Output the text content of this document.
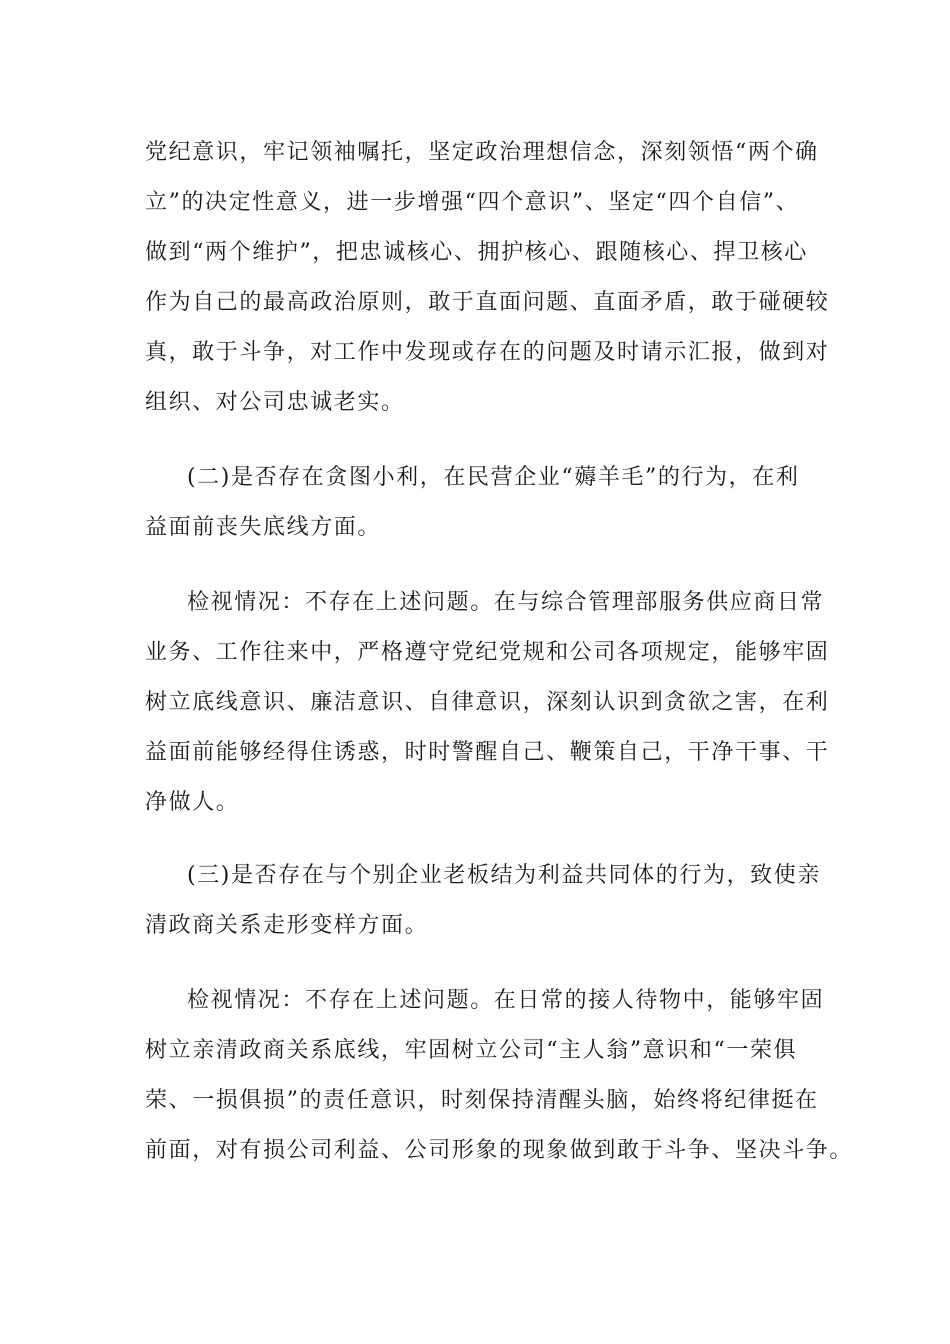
党纪意识，牢记领袖嘱托，坚定政治理想信念，深刻领悟“两个确
立”的决定性意义，进一步增强“四个意识”、坚定“四个自信”、
做到“两个维护”，把忠诚核心、拥护核心、跟随核心、捍卫核心
作为自己的最高政治原则，敢于直面问题、直面矛盾，敢于碰硬较
真，敢于斗争，对工作中发现或存在的问题及时请示汇报，做到对
组织、对公司忠诚老实。
(二)是否存在贪图小利，在民营企业“薅羊毛”的行为，在利
益面前丧失底线方面。
检视情况：不存在上述问题。在与综合管理部服务供应商日常
业务、工作往来中，严格遵守党纪党规和公司各项规定，能够牢固
树立底线意识、廉洁意识、自律意识，深刻认识到贪欲之害，在利
益面前能够经得住诱惑，时时警醒自己、鞭策自己，干净干事、干
净做人。
(三)是否存在与个别企业老板结为利益共同体的行为，致使亲
清政商关系走形变样方面。
检视情况：不存在上述问题。在日常的接人待物中，能够牢固
树立亲清政商关系底线，牢固树立公司“主人翁”意识和“一荣俱
荣、一损俱损”的责任意识，时刻保持清醒头脑，始终将纪律挺在
前面，对有损公司利益、公司形象的现象做到敢于斗争、坚决斗争。
